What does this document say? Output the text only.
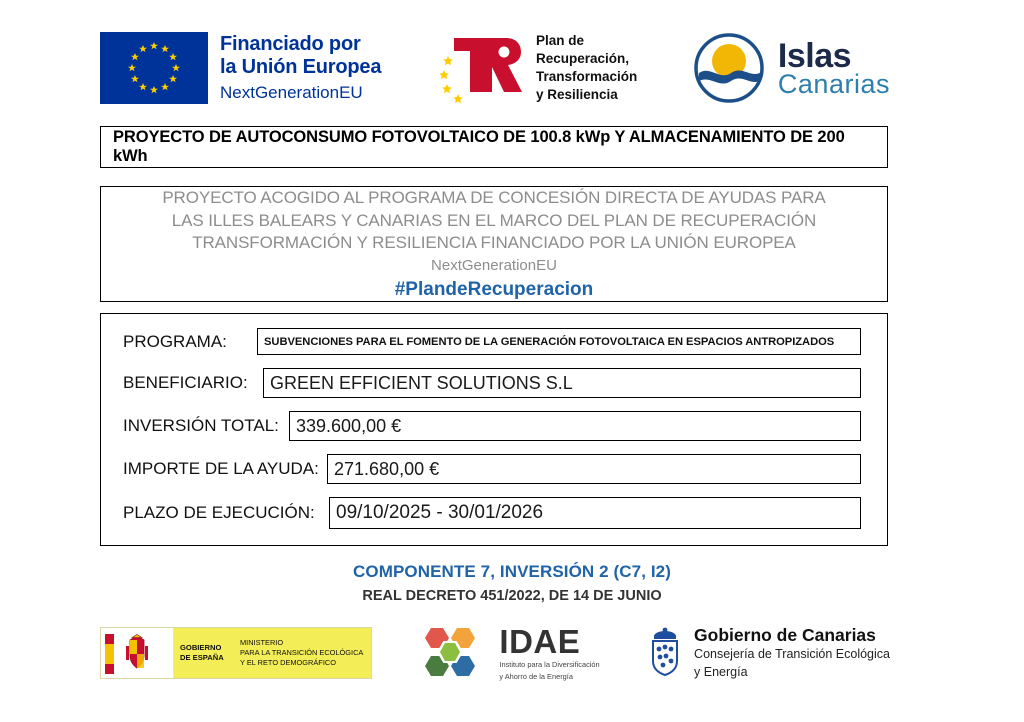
Financiado por
la Unión Europea
NextGenerationEU
Plan de
Recuperación,
Transformación
y Resiliencia
Islas
Canarias
PROYECTO DE AUTOCONSUMO FOTOVOLTAICO DE 100.8 kWp Y ALMACENAMIENTO DE 200 kWh
PROYECTO ACOGIDO AL PROGRAMA DE CONCESIÓN DIRECTA DE AYUDAS PARA
LAS ILLES BALEARS Y CANARIAS EN EL MARCO DEL PLAN DE RECUPERACIÓN
TRANSFORMACIÓN Y RESILIENCIA FINANCIADO POR LA UNIÓN EUROPEA
NextGenerationEU
#PlandeRecuperacion
PROGRAMA:	SUBVENCIONES PARA EL FOMENTO DE LA GENERACIÓN FOTOVOLTAICA EN ESPACIOS ANTROPIZADOS
BENEFICIARIO:	GREEN EFFICIENT SOLUTIONS S.L
INVERSIÓN TOTAL: 339.600,00 €
IMPORTE DE LA AYUDA: 271.680,00 €
PLAZO DE EJECUCIÓN:	09/10/2025 - 30/01/2026
COMPONENTE 7, INVERSIÓN 2 (C7, I2)
REAL DECRETO 451/2022, DE 14 DE JUNIO
GOBIERNO
DE ESPAÑA
MINISTERIO
PARA LA TRANSICIÓN ECOLÓGICA
Y EL RETO DEMOGRÁFICO
IDAE
Instituto para la Diversificación
y Ahorro de la Energía
Gobierno de Canarias
Consejería de Transición Ecológica
y Energía
